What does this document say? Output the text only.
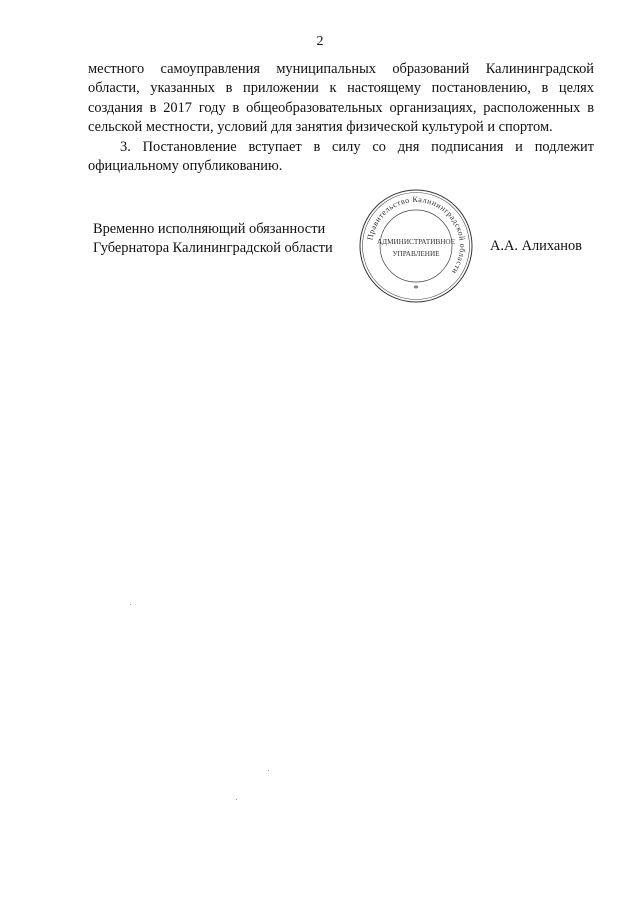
2

местного самоуправления муниципальных образований Калининградской области, указанных в приложении к настоящему постановлению, в целях создания в 2017 году в общеобразовательных организациях, расположенных в сельской местности, условий для занятия физической культурой и спортом.

3. Постановление вступает в силу со дня подписания и подлежит официальному опубликованию.

Временно исполняющий обязанности
Губернатора Калининградской области
Правительство Калининградской области
АДМИНИСТРАТИВНОЕ
УПРАВЛЕНИЕ
*
А.А. Алиханов
